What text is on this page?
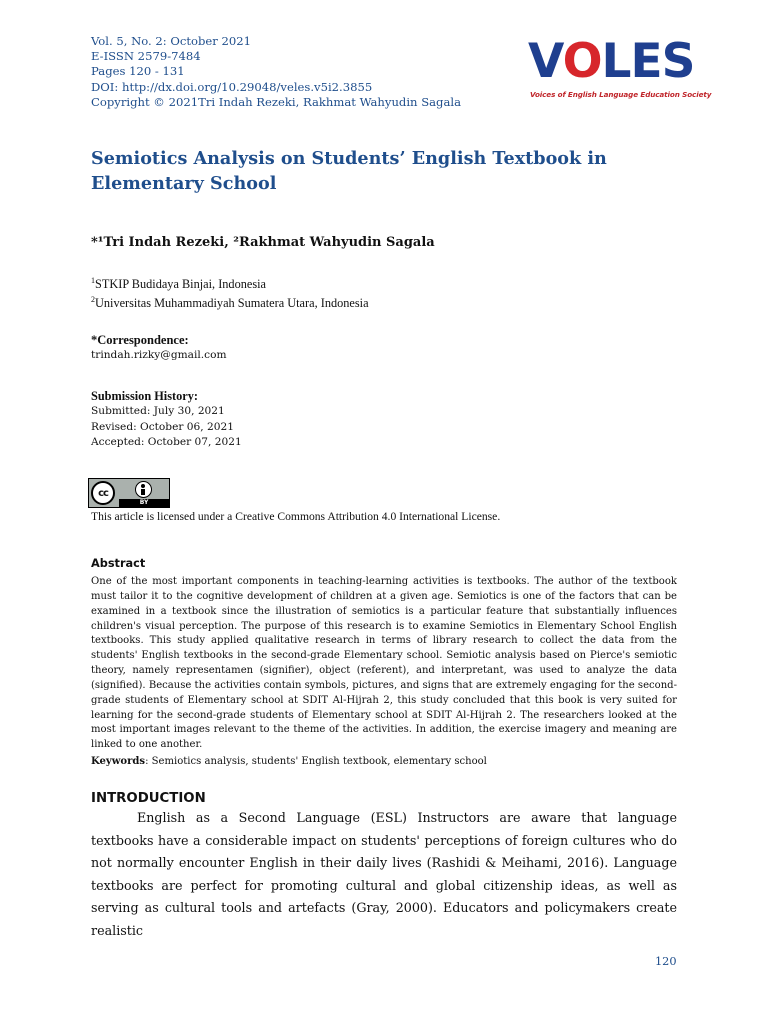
Vol. 5, No. 2: October 2021
E-ISSN 2579-7484
Pages 120 - 131
DOI: http://dx.doi.org/10.29048/veles.v5i2.3855
Copyright © 2021Tri Indah Rezeki, Rakhmat Wahyudin Sagala
VOLES
Voices of English Language Education Society
Semiotics Analysis on Students’ English Textbook in Elementary School
*¹Tri Indah Rezeki, ²Rakhmat Wahyudin Sagala
$^1$STKIP Budidaya Binjai, Indonesia
$^2$Universitas Muhammadiyah Sumatera Utara, Indonesia
*Correspondence:
trindah.rizky@gmail.com
Submission History:
Submitted: July 30, 2021
Revised: October 06, 2021
Accepted: October 07, 2021
cc
BY
This article is licensed under a Creative Commons Attribution 4.0 International License.
Abstract
One of the most important components in teaching-learning activities is textbooks. The author of the textbook must tailor it to the cognitive development of children at a given age. Semiotics is one of the factors that can be examined in a textbook since the illustration of semiotics is a particular feature that substantially influences children's visual perception. The purpose of this research is to examine Semiotics in Elementary School English textbooks. This study applied qualitative research in terms of library research to collect the data from the students' English textbooks in the second-grade Elementary school. Semiotic analysis based on Pierce's semiotic theory, namely representamen (signifier), object (referent), and interpretant, was used to analyze the data (signified). Because the activities contain symbols, pictures, and signs that are extremely engaging for the second-grade students of Elementary school at SDIT Al-Hijrah 2, this study concluded that this book is very suited for learning for the second-grade students of Elementary school at SDIT Al-Hijrah 2. The researchers looked at the most important images relevant to the theme of the activities. In addition, the exercise imagery and meaning are linked to one another.
Keywords: Semiotics analysis, students' English textbook, elementary school
INTRODUCTION
English as a Second Language (ESL) Instructors are aware that language textbooks have a considerable impact on students' perceptions of foreign cultures who do not normally encounter English in their daily lives (Rashidi & Meihami, 2016). Language textbooks are perfect for promoting cultural and global citizenship ideas, as well as serving as cultural tools and artefacts (Gray, 2000). Educators and policymakers create realistic
120
